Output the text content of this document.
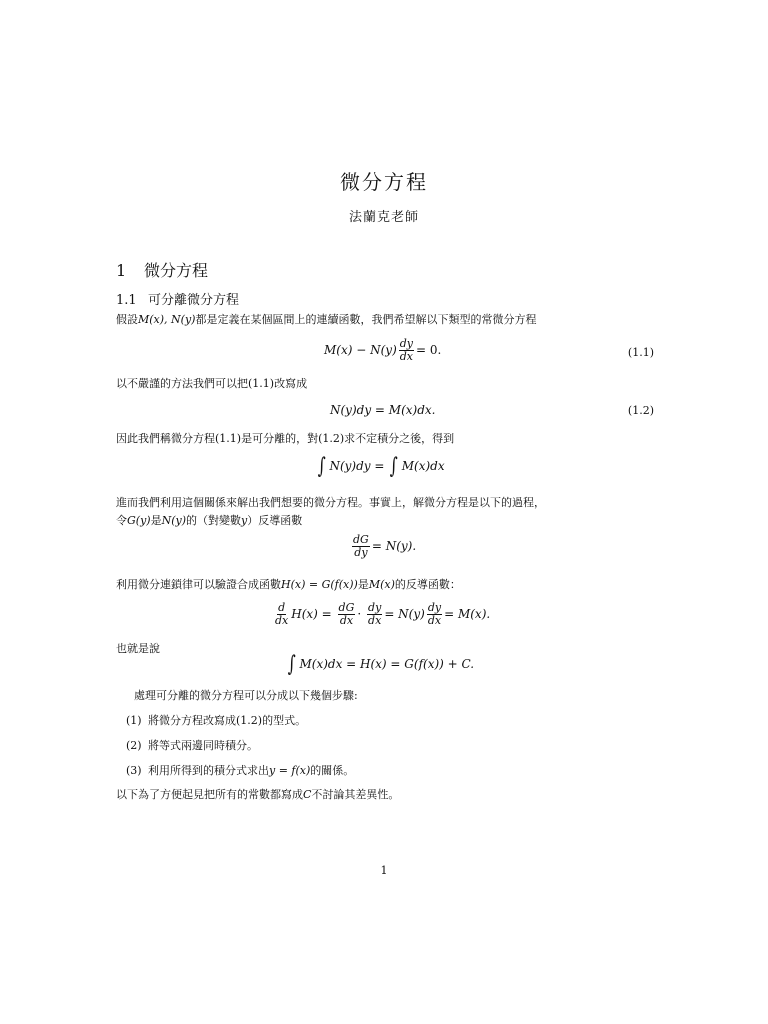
微分方程
法蘭克老師
1 微分方程
1.1 可分離微分方程
假設M(x), N(y)都是定義在某個區間上的連續函數，我們希望解以下類型的常微分方程
$M(x) - N(y) \frac{dy}{dx} = 0$.	(1.1)
以不嚴謹的方法我們可以把(1.1)改寫成
N(y)dy = M(x)dx.	(1.2)
因此我們稱微分方程(1.1)是可分離的，對(1.2)求不定積分之後，得到
∫ N(y)dy = ∫ M(x)dx
進而我們利用這個關係來解出我們想要的微分方程。事實上，解微分方程是以下的過程，
令G(y)是N(y)的（對變數y）反導函數
$\frac{dG}{dy} = N(y)$.
利用微分連鎖律可以驗證合成函數H(x) = G(f(x))是M(x)的反導函數：
$\frac{d}{dx} H(x) = \frac{dG}{dx} \cdot \frac{dy}{dx} = N(y) \frac{dy}{dx} = M(x)$.
也就是說
∫ M(x)dx = H(x) = G(f(x)) + C.
處理可分離的微分方程可以分成以下幾個步驟:
(1) 將微分方程改寫成(1.2)的型式。
(2) 將等式兩邊同時積分。
(3) 利用所得到的積分式求出y = f(x)的關係。
以下為了方便起見把所有的常數都寫成C不討論其差異性。
1
